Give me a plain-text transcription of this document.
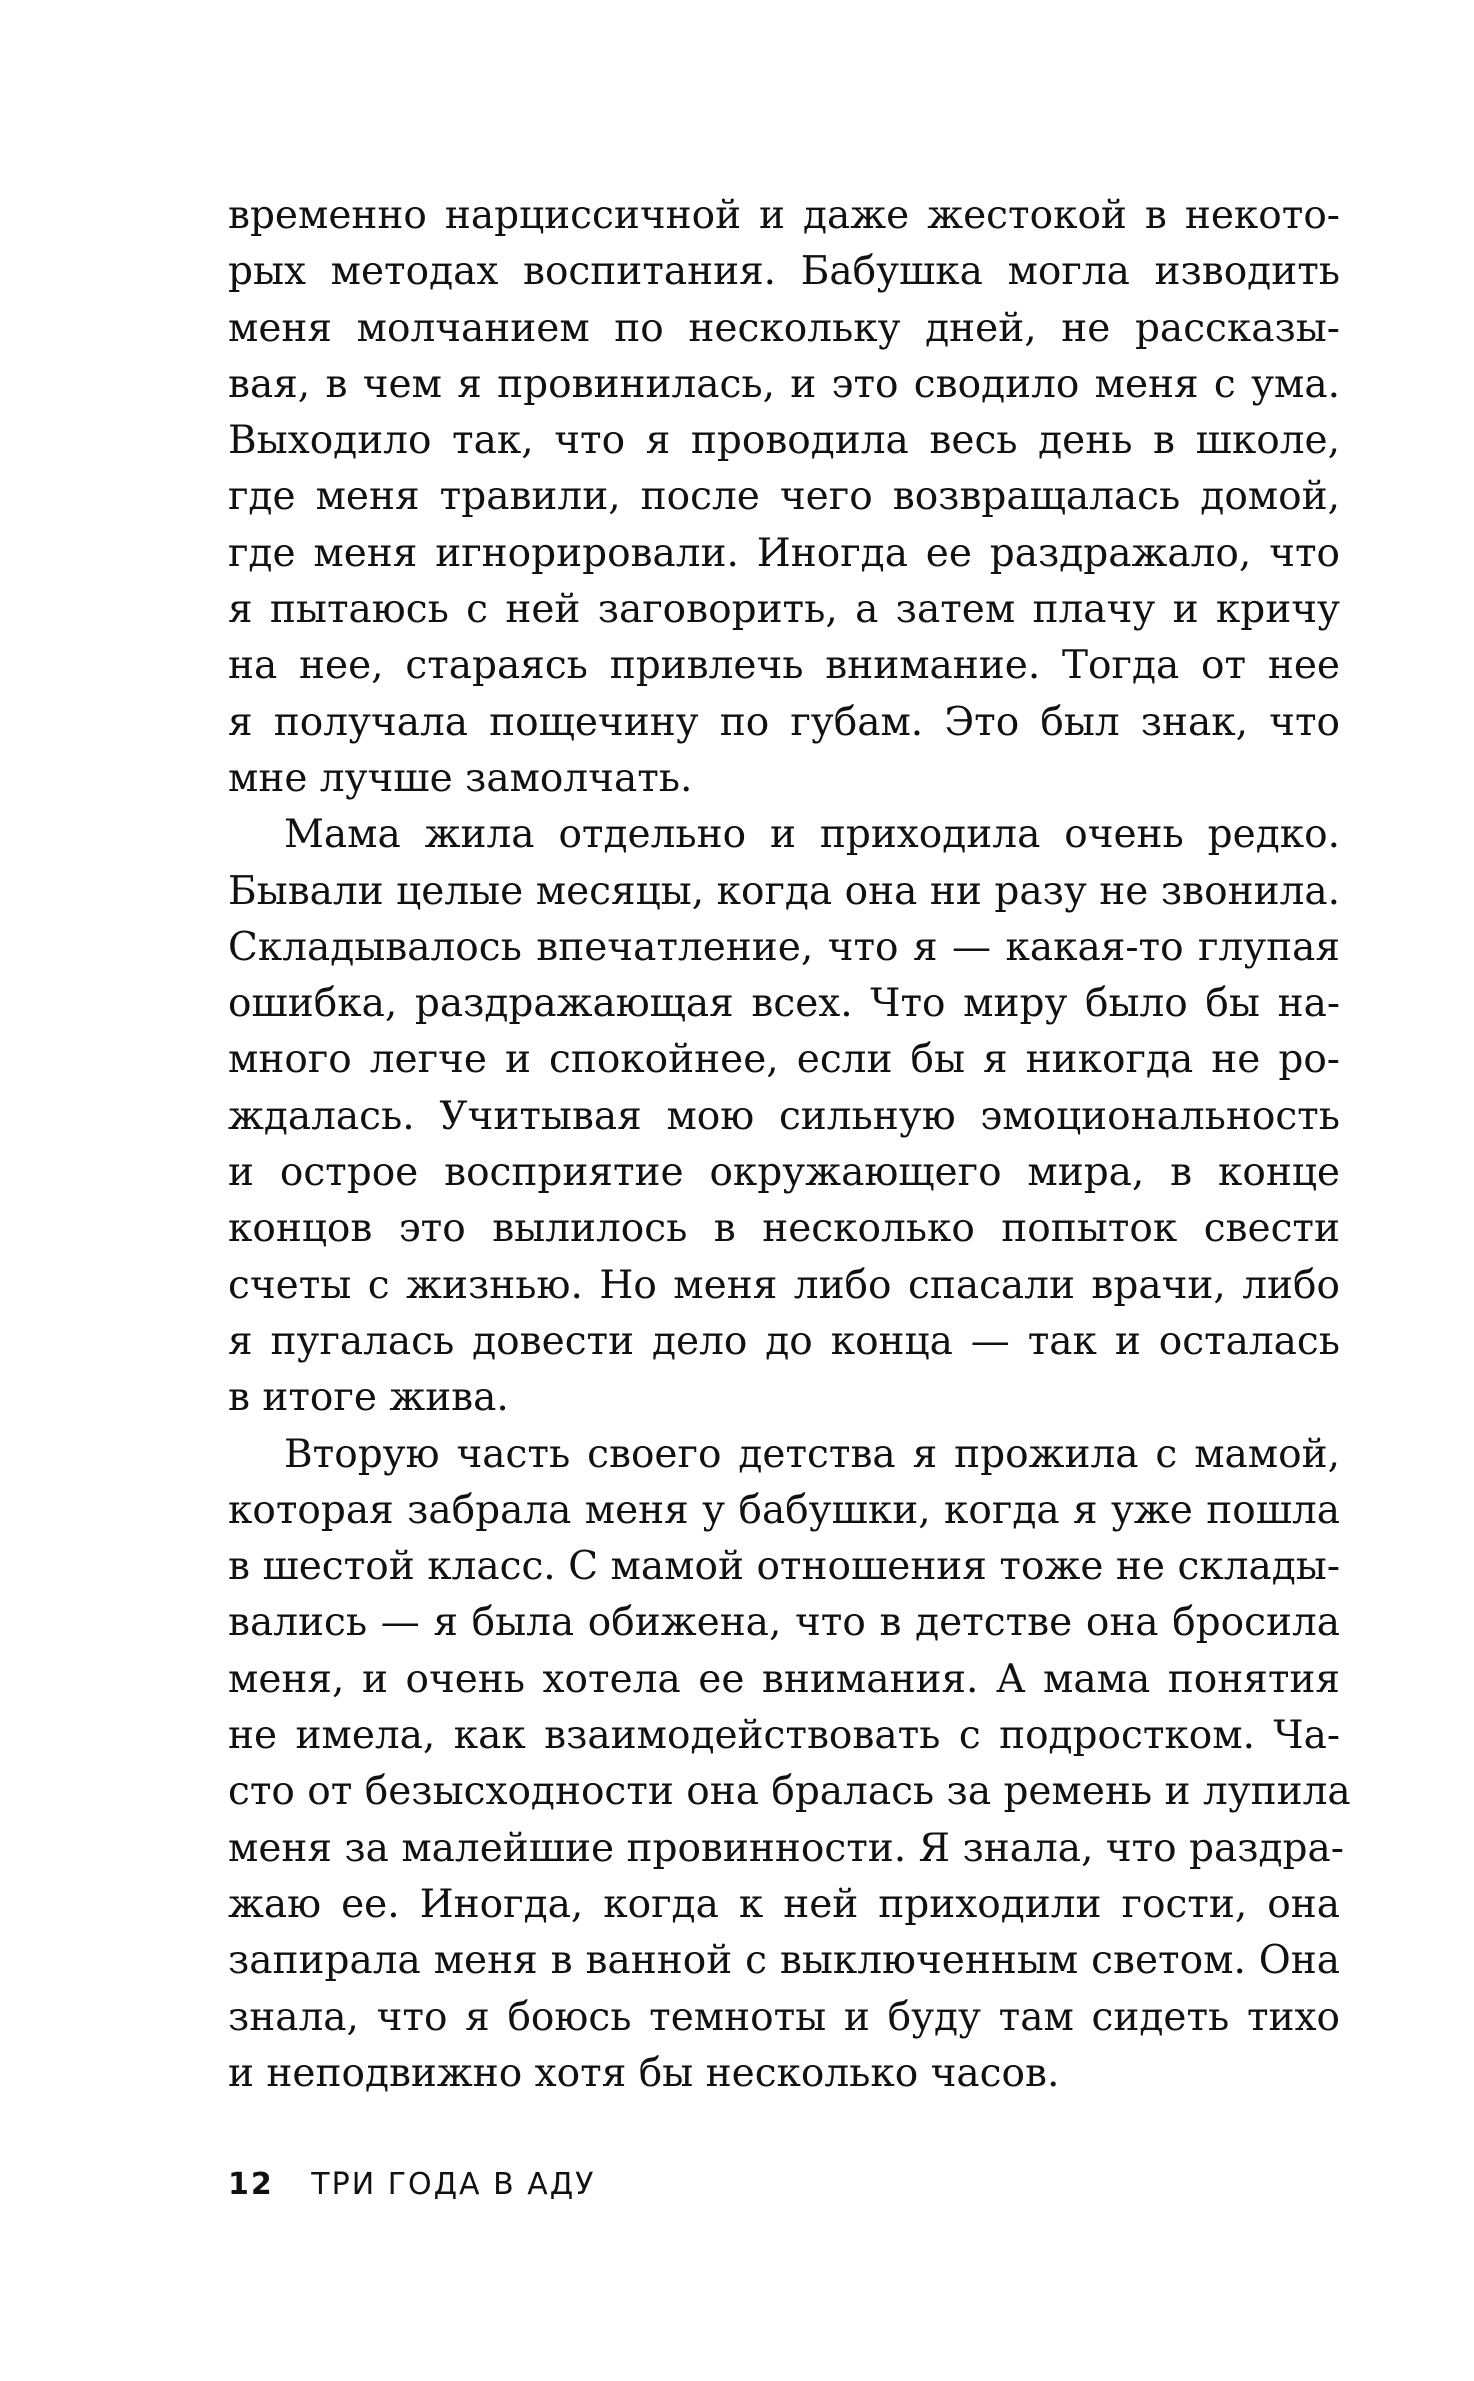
временно нарциссичной и даже жестокой в некото-
рых методах воспитания. Бабушка могла изводить
меня молчанием по нескольку дней, не рассказы-
вая, в чем я провинилась, и это сводило меня с ума.
Выходило так, что я проводила весь день в школе,
где меня травили, после чего возвращалась домой,
где меня игнорировали. Иногда ее раздражало, что
я пытаюсь с ней заговорить, а затем плачу и кричу
на нее, стараясь привлечь внимание. Тогда от нее
я получала пощечину по губам. Это был знак, что
мне лучше замолчать.
Мама жила отдельно и приходила очень редко.
Бывали целые месяцы, когда она ни разу не звонила.
Складывалось впечатление, что я — какая-то глупая
ошибка, раздражающая всех. Что миру было бы на-
много легче и спокойнее, если бы я никогда не ро-
ждалась. Учитывая мою сильную эмоциональность
и острое восприятие окружающего мира, в конце
концов это вылилось в несколько попыток свести
счеты с жизнью. Но меня либо спасали врачи, либо
я пугалась довести дело до конца — так и осталась
в итоге жива.
Вторую часть своего детства я прожила с мамой,
которая забрала меня у бабушки, когда я уже пошла
в шестой класс. С мамой отношения тоже не склады-
вались — я была обижена, что в детстве она бросила
меня, и очень хотела ее внимания. А мама понятия
не имела, как взаимодействовать с подростком. Ча-
сто от безысходности она бралась за ремень и лупила
меня за малейшие провинности. Я знала, что раздра-
жаю ее. Иногда, когда к ней приходили гости, она
запирала меня в ванной с выключенным светом. Она
знала, что я боюсь темноты и буду там сидеть тихо
и неподвижно хотя бы несколько часов.
12 ТРИ ГОДА В АДУ
